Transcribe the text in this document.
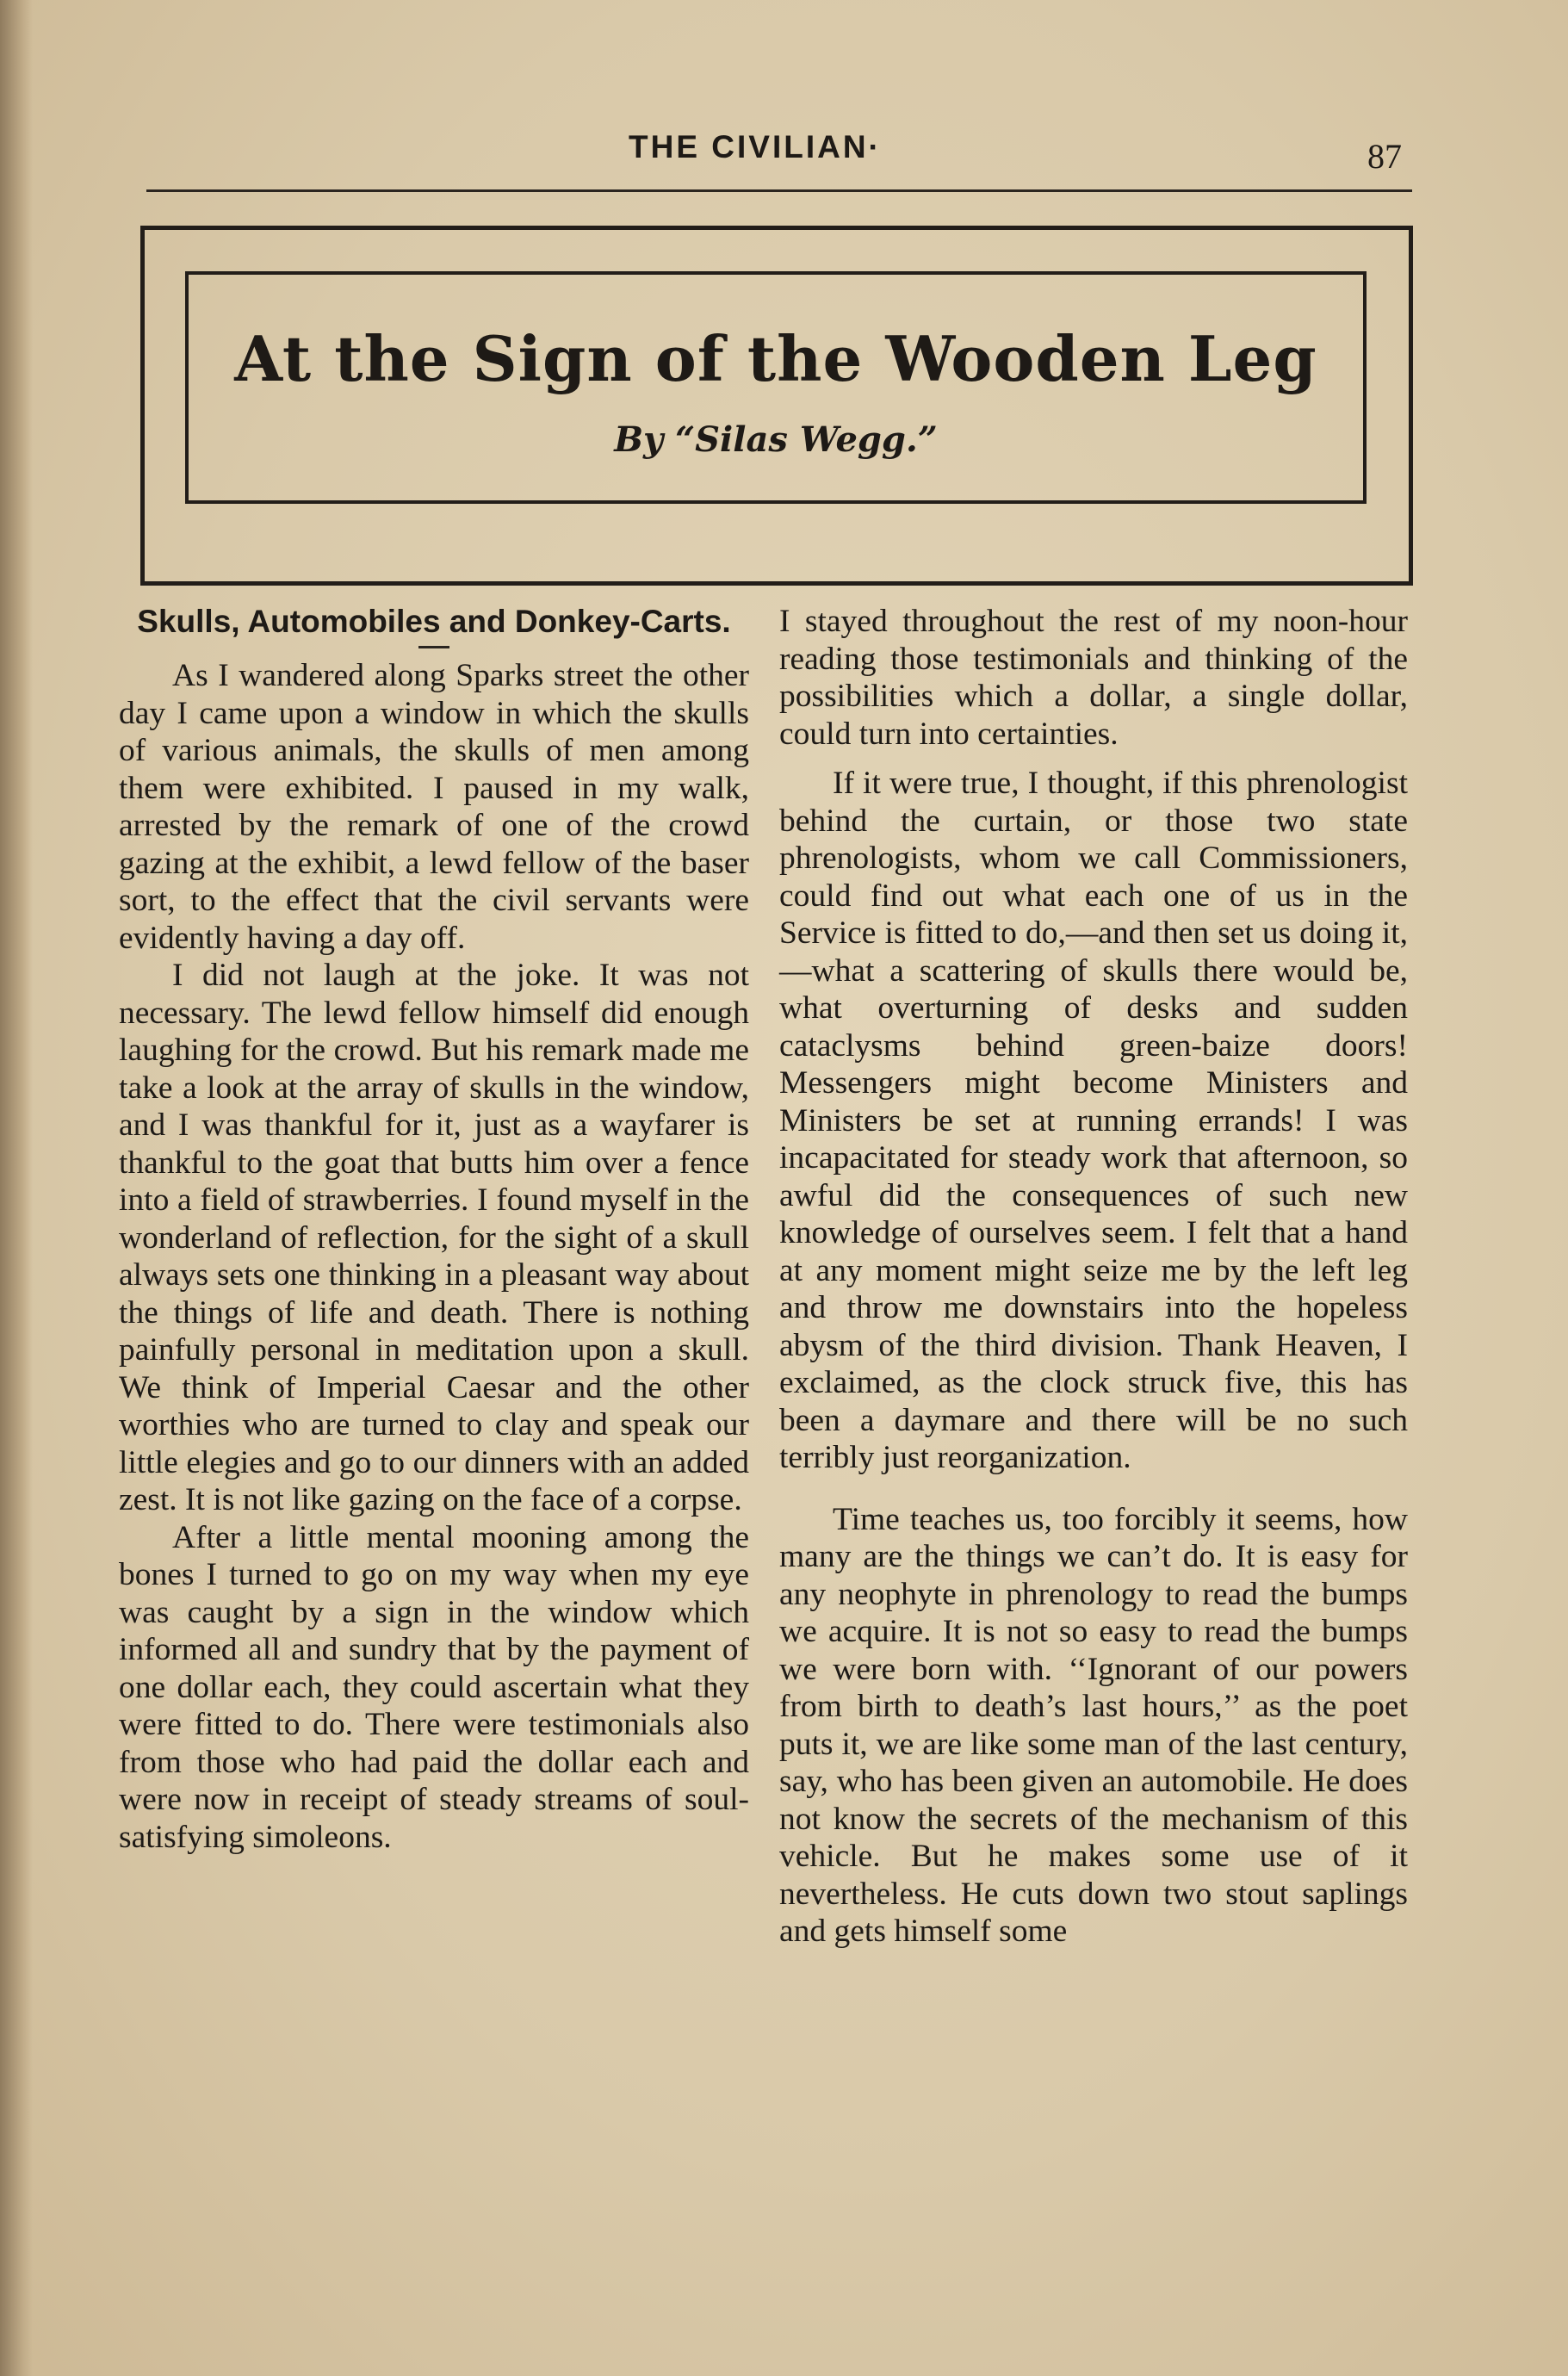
THE CIVILIAN·	87
At the Sign of the Wooden Leg
By “Silas Wegg.”
Skulls, Automobiles and Donkey-Carts.

As I wandered along Sparks street the other day I came upon a window in which the skulls of various animals, the skulls of men among them were exhibited. I paused in my walk, arrested by the remark of one of the crowd gazing at the exhibit, a lewd fellow of the baser sort, to the effect that the civil servants were evidently having a day off.

I did not laugh at the joke. It was not necessary. The lewd fellow himself did enough laughing for the crowd. But his remark made me take a look at the array of skulls in the window, and I was thankful for it, just as a wayfarer is thankful to the goat that butts him over a fence into a field of strawberries. I found myself in the wonderland of reflection, for the sight of a skull always sets one thinking in a pleasant way about the things of life and death. There is nothing painfully personal in meditation upon a skull. We think of Imperial Caesar and the other worthies who are turned to clay and speak our little elegies and go to our dinners with an added zest. It is not like gazing on the face of a corpse.

After a little mental mooning among the bones I turned to go on my way when my eye was caught by a sign in the window which informed all and sundry that by the payment of one dollar each, they could ascertain what they were fitted to do. There were testimonials also from those who had paid the dollar each and were now in receipt of steady streams of soul-satisfying simoleons.

I stayed throughout the rest of my noon-hour reading those testimonials and thinking of the possibilities which a dollar, a single dollar, could turn into certainties.

If it were true, I thought, if this phrenologist behind the curtain, or those two state phrenologists, whom we call Commissioners, could find out what each one of us in the Service is fitted to do,—and then set us doing it,—what a scattering of skulls there would be, what overturning of desks and sudden cataclysms behind green-baize doors! Messengers might become Ministers and Ministers be set at running errands! I was incapacitated for steady work that afternoon, so awful did the consequences of such new knowledge of ourselves seem. I felt that a hand at any moment might seize me by the left leg and throw me downstairs into the hopeless abysm of the third division. Thank Heaven, I exclaimed, as the clock struck five, this has been a daymare and there will be no such terribly just reorganization.

Time teaches us, too forcibly it seems, how many are the things we can’t do. It is easy for any neophyte in phrenology to read the bumps we acquire. It is not so easy to read the bumps we were born with. ‘‘Ignorant of our powers from birth to death’s last hours,’’ as the poet puts it, we are like some man of the last century, say, who has been given an automobile. He does not know the secrets of the mechanism of this vehicle. But he makes some use of it nevertheless. He cuts down two stout saplings and gets himself some
